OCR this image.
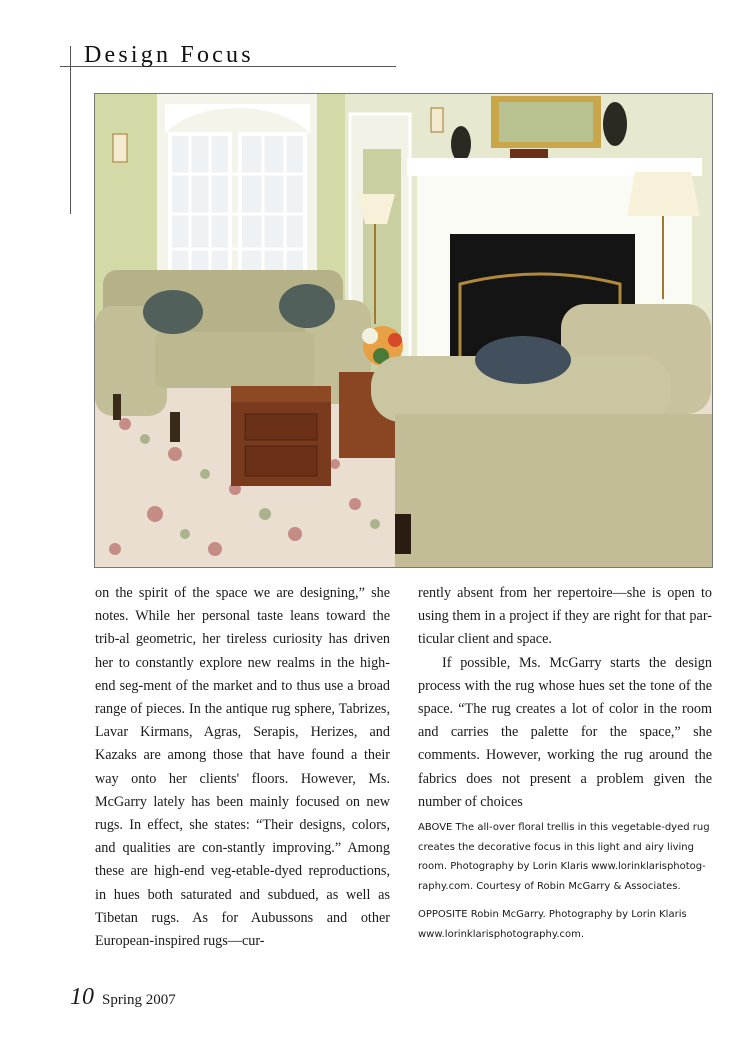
Design Focus

on the spirit of the space we are designing,” she notes. While her personal taste leans toward the trib-al geometric, her tireless curiosity has driven her to constantly explore new realms in the high-end seg-ment of the market and to thus use a broad range of pieces. In the antique rug sphere, Tabrizes, Lavar Kirmans, Agras, Serapis, Herizes, and Kazaks are among those that have found a their way onto her clients' floors. However, Ms. McGarry lately has been mainly focused on new rugs. In effect, she states: “Their designs, colors, and qualities are con-stantly improving.” Among these are high-end veg-etable-dyed reproductions, in hues both saturated and subdued, as well as Tibetan rugs. As for Aubussons and other European-inspired rugs—cur-

rently absent from her repertoire—she is open to using them in a project if they are right for that par-ticular client and space.

If possible, Ms. McGarry starts the design process with the rug whose hues set the tone of the space. “The rug creates a lot of color in the room and carries the palette for the space,” she comments. However, working the rug around the fabrics does not present a problem given the number of choices

ABOVE The all-over floral trellis in this vegetable-dyed rug creates the decorative focus in this light and airy living room. Photography by Lorin Klaris www.lorinklarisphotog-raphy.com. Courtesy of Robin McGarry & Associates.

OPPOSITE Robin McGarry. Photography by Lorin Klaris www.lorinklarisphotography.com.

10 Spring 2007
